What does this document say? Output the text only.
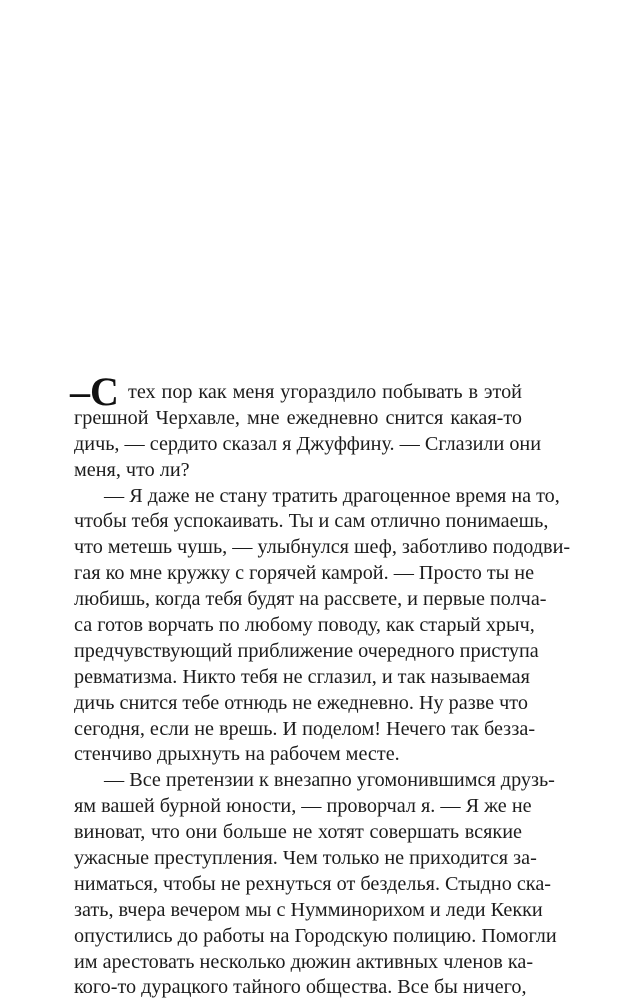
–С тех пор как меня угораздило побывать в этой
грешной Черхавле, мне ежедневно снится какая-то
дичь, — сердито сказал я Джуффину. — Сглазили они
меня, что ли?
— Я даже не стану тратить драгоценное время на то,
чтобы тебя успокаивать. Ты и сам отлично понимаешь,
что метешь чушь, — улыбнулся шеф, заботливо пододви-
гая ко мне кружку с горячей камрой. — Просто ты не
любишь, когда тебя будят на рассвете, и первые полча-
са готов ворчать по любому поводу, как старый хрыч,
предчувствующий приближение очередного приступа
ревматизма. Никто тебя не сглазил, и так называемая
дичь снится тебе отнюдь не ежедневно. Ну разве что
сегодня, если не врешь. И поделом! Нечего так безза-
стенчиво дрыхнуть на рабочем месте.
— Все претензии к внезапно угомонившимся друзь-
ям вашей бурной юности, — проворчал я. — Я же не
виноват, что они больше не хотят совершать всякие
ужасные преступления. Чем только не приходится за-
ниматься, чтобы не рехнуться от безделья. Стыдно ска-
зать, вчера вечером мы с Нумминорихом и леди Кекки
опустились до работы на Городскую полицию. Помогли
им арестовать несколько дюжин активных членов ка-
кого-то дурацкого тайного общества. Все бы ничего,
